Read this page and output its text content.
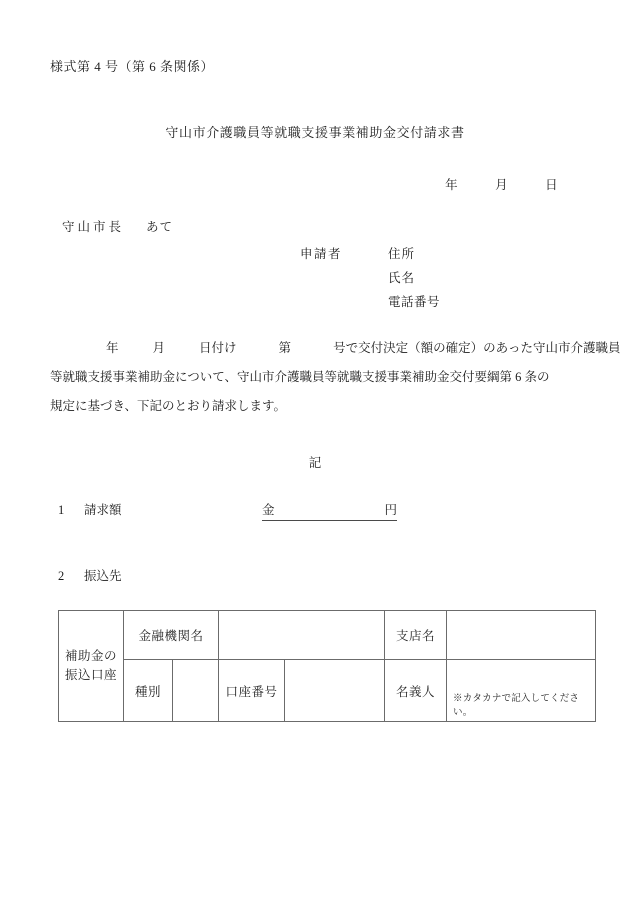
様式第 4 号（第 6 条関係）
守山市介護職員等就職支援事業補助金交付請求書
年	月	日
守山市長 あて
申請者	住所
氏名
電話番号
年	月	日付け	第	号で交付決定（額の確定）のあった守山市介護職員
等就職支援事業補助金について、守山市介護職員等就職支援事業補助金交付要綱第 6 条の
規定に基づき、下記のとおり請求します。
記
1 請求額	金	円
2 振込先
補助金の
振込口座	金融機関名				支店名	
	種別		口座番号		名義人	※カタカナで記入してください。
